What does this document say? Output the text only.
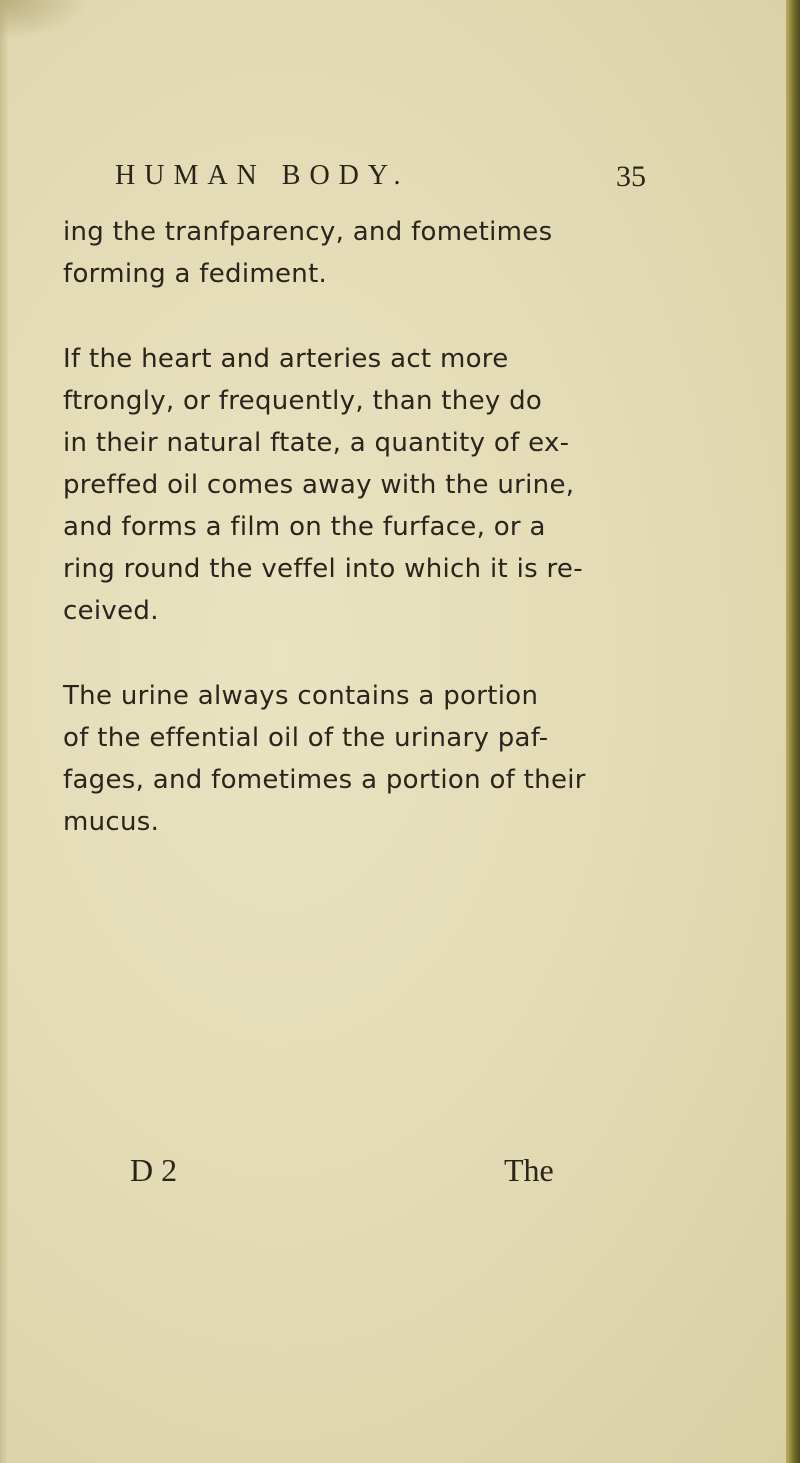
HUMAN BODY.	35
ing the tranfparency, and fometimes
forming a fediment.
If the heart and arteries act more
ftrongly, or frequently, than they do
in their natural ftate, a quantity of ex-
preffed oil comes away with the urine,
and forms a film on the furface, or a
ring round the veffel into which it is re-
ceived.
The urine always contains a portion
of the effential oil of the urinary paf-
fages, and fometimes a portion of their
mucus.
D 2	The
